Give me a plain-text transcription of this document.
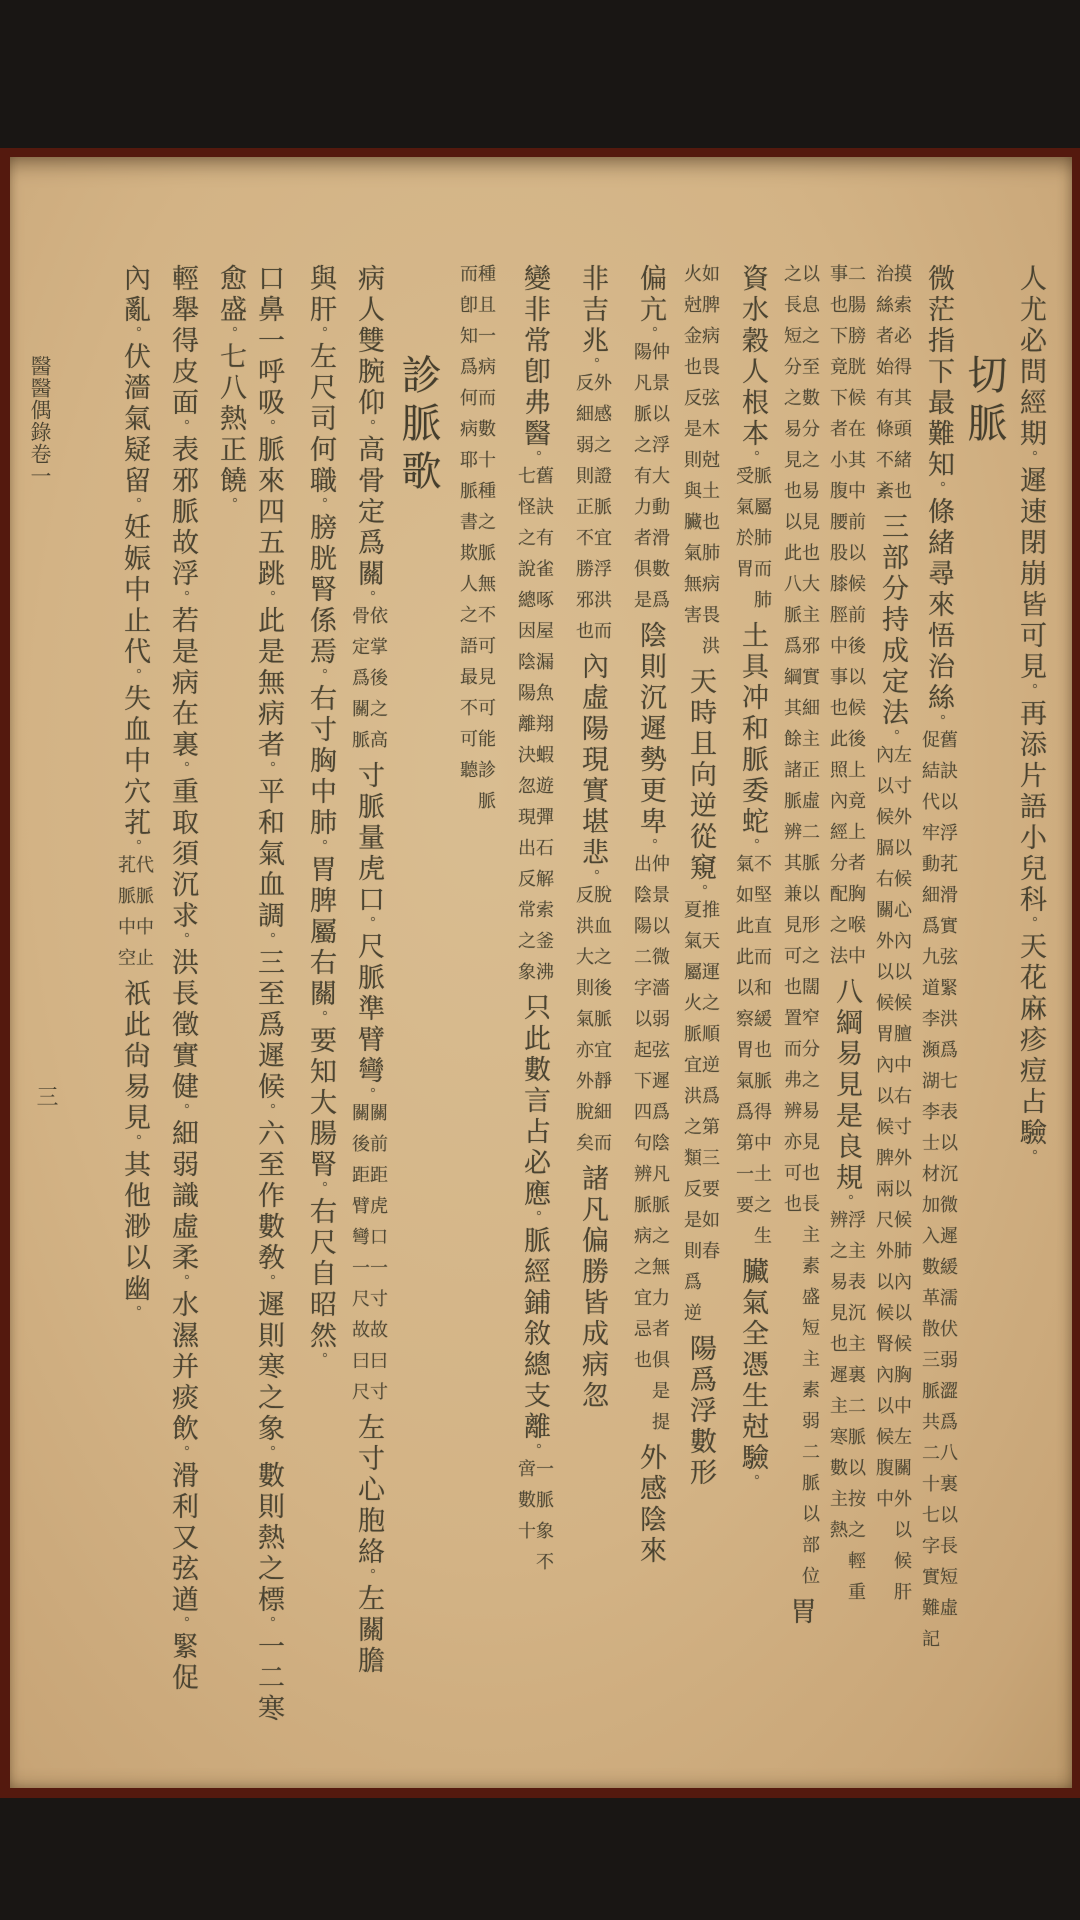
醫醫偶錄卷一
三
人尤必問經期。遲速閉崩皆可見。再添片語小兒科。天花麻疹痘占驗。
切脈
微茫指下最難知。條緒尋來悟治絲。
舊訣以浮芤滑實弦緊洪爲七表以沉微遲緩濡伏弱澀爲八裏以長短虛
促結代牢動細爲九道李瀕湖李士材加入數革散三脈共二十七字實難記
摸索必得其頭緒也
治絲者始有條不紊
三部分持成定法。
左寸外以候心內以候膻中右寸外以候肺內以候胸中左關外以候肝
內以候膈右關外以候胃內以候脾兩尺外以候腎內以候腹中
二腸膀胱候在其中前以候前後以候後上竟上者胸喉中
事也下竟下者小腹腰股膝脛中事也此照內經分配之法
八綱易見是良規。
浮主表沉主裏二脈以按之輕重
辨之易見也遲主寒數主熱
以息之至數分之易見也大主邪實細主正虛二脈以形之闊窄分之易見也長主素盛短主素弱二脈以部位
之長短分之易見也以此八脈爲綱其餘諸脈辨其兼見可也置而弗辨亦可也
胃
資水穀人根本。
脈屬肺而肺
受氣於胃
土具冲和脈委蛇。
不堅直而和緩也脈得中土之生
氣如此此以察胃氣爲第一要
臟氣全憑生尅驗。
如脾病畏弦木尅土也肺病畏洪
火尅金也反是則與臟氣無害
天時且向逆從窺。
推天運之順逆爲第三要如春
夏氣屬火脈宜洪之類反是則爲逆
陽爲浮數形
偏亢。
仲景以浮大動滑數爲
陽凡脈之有力者俱是
陰則沉遲勢更卑。
仲景以微濇弱弦遲爲陰凡脈之無力者俱是提
出陰陽二字以起下四句辨脈病之宜忌也
外感陰來
非吉兆。
外感之證脈宜浮洪而
反細弱則正不勝邪也
內虛陽現實堪悲。
脫血之後脈宜靜細而
反洪大則氣亦外脫矣
諸凡偏勝皆成病忽
變非常卽弗醫。
舊訣有雀啄屋漏魚翔蝦遊彈石解索釜沸
七怪之說總因陰陽離決忽現出反常之象
只此數言占必應。脈經鋪敘總支離。
一脈象不
啻數十
種且一病而數十種之脈無不可見可能診脈
而卽知爲何病耶脈書欺人之語最不可聽
診脈歌
病人雙腕仰。高骨定爲關。
依掌後之高
骨定爲關脈
寸脈量虎口。尺脈準臂彎。
關前距虎口一寸故曰寸
關後距臂彎一尺故曰尺
左寸心胞絡。左關膽
與肝。左尺司何職。膀胱腎係焉。右寸胸中肺。胃脾屬右關。要知大腸腎。右尺自昭然。
口鼻一呼吸。脈來四五跳。此是無病者。平和氣血調。三至爲遲候。六至作數敎。遲則寒之象。數則熱之標。一二寒
愈盛。七八熱正饒。
輕舉得皮面。表邪脈故浮。若是病在裏。重取須沉求。洪長徵實健。細弱識虛柔。水濕并痰飲。滑利又弦遒。緊促
內亂。伏濇氣疑留。妊娠中止代。失血中穴芤。
代脈中止
芤脈中空
祇此尙易見。其他渺以幽。
